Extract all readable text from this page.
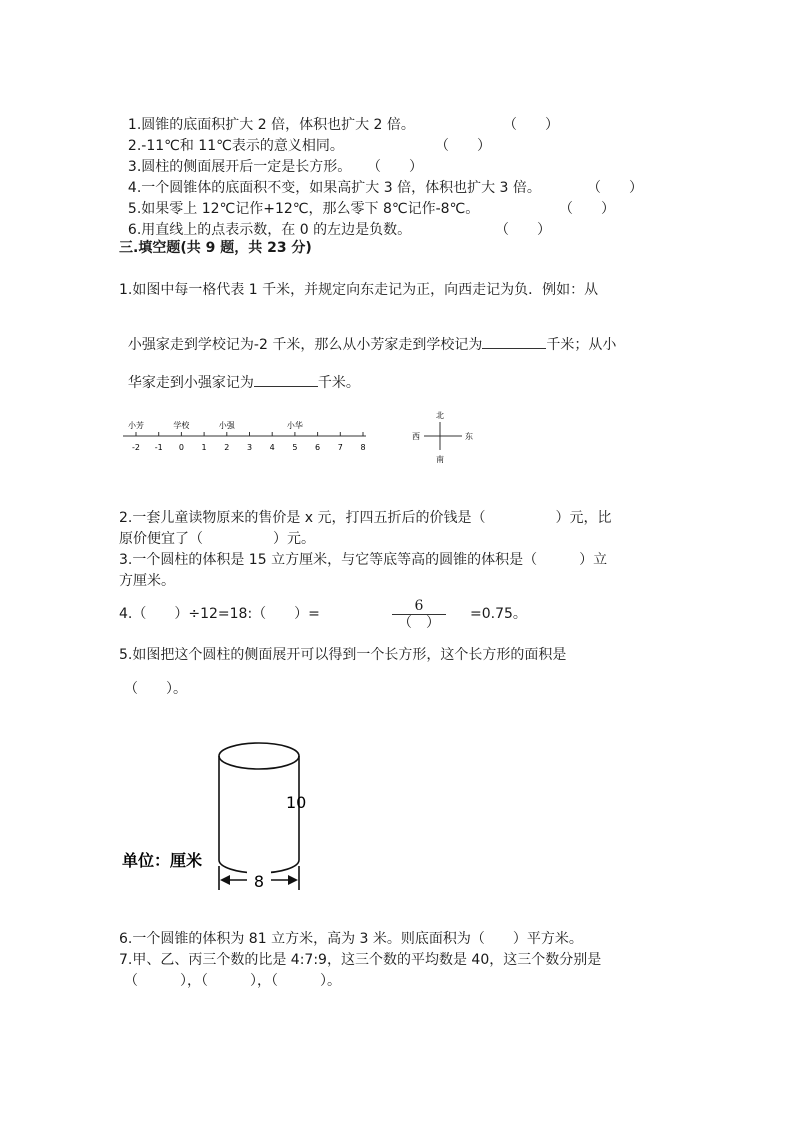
1.圆锥的底面积扩大 2 倍，体积也扩大 2 倍。	（　　）

2.-11℃和 11℃表示的意义相同。	（　　）

3.圆柱的侧面展开后一定是长方形。 （　　）

4.一个圆锥体的底面积不变，如果高扩大 3 倍，体积也扩大 3 倍。	（　　）

5.如果零上 12℃记作+12℃，那么零下 8℃记作-8℃。	（　　）

6.用直线上的点表示数，在 0 的左边是负数。	（　　）

三.填空题(共 9 题，共 23 分)
1.如图中每一格代表 1 千米，并规定向东走记为正，向西走记为负．例如：从

小强家走到学校记为-2 千米，那么从小芳家走到学校记为	千米；从小

华家走到小强家记为	千米。

-2 -1 0 1 2 3 4 5 6 7 8
小芳	学校	小强	小华
北
南
西	东
2.一套儿童读物原来的售价是 x 元，打四五折后的价钱是（　　　　　）元，比
原价便宜了（　　　　　）元。
3.一个圆柱的体积是 15 立方厘米，与它等底等高的圆锥的体积是（　　　）立
方厘米。
4.（　　）÷12=18:（　　）=	6
（　）
=0.75。
5.如图把这个圆柱的侧面展开可以得到一个长方形，这个长方形的面积是
（　　）。
10
8
单位：厘米
6.一个圆锥的体积为 81 立方米，高为 3 米。则底面积为（　　）平方米。
7.甲、乙、丙三个数的比是 4:7:9，这三个数的平均数是 40，这三个数分别是
（　　　），（　　　），（　　　）。
